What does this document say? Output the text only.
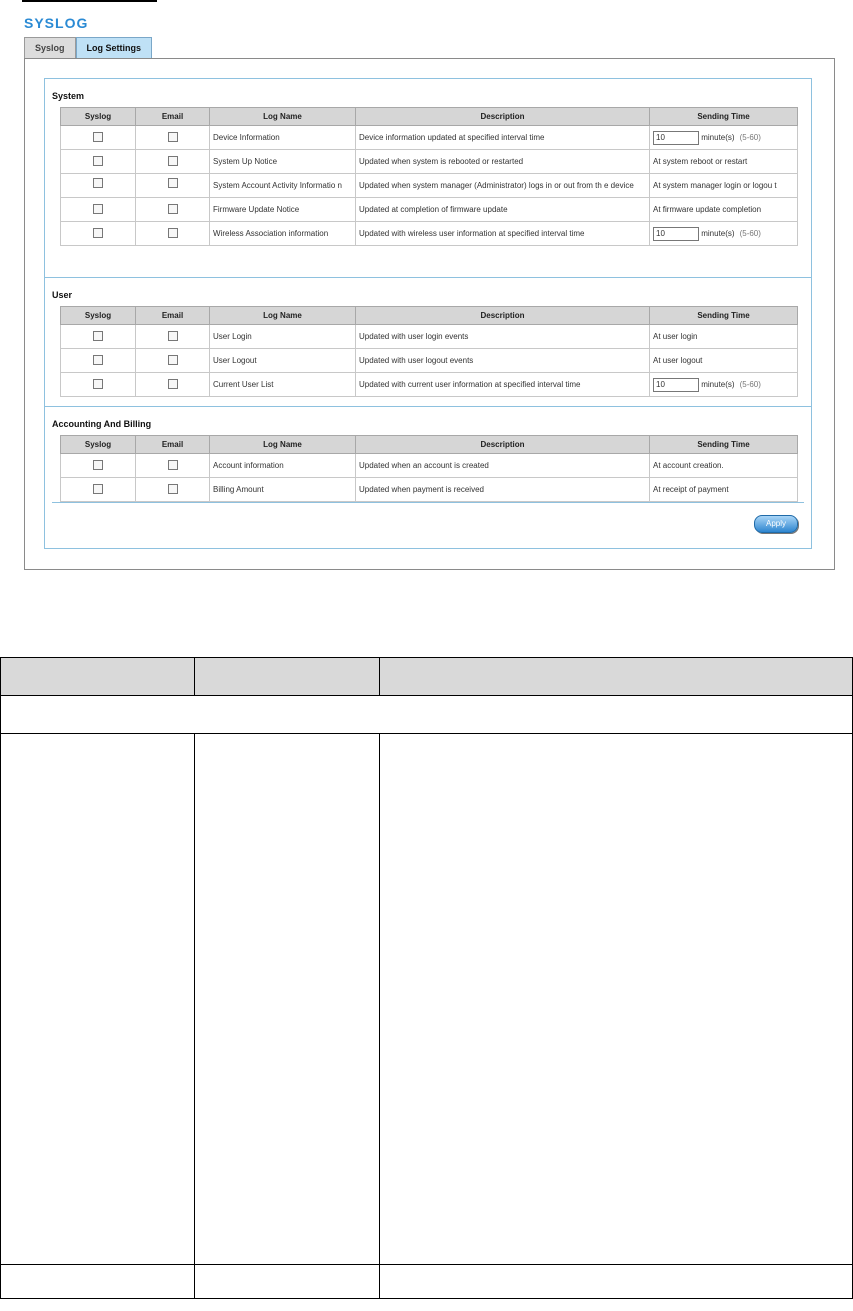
SYSLOG
Syslog	Log Settings
System
Syslog	Email	Log Name	Description	Sending Time
		Device Information	Device information updated at specified interval time	10 minute(s) (5-60)
		System Up Notice	Updated when system is rebooted or restarted	At system reboot or restart
		System Account Activity Informatio n	Updated when system manager (Administrator) logs in or out from th e device	At system manager login or logou t
		Firmware Update Notice	Updated at completion of firmware update	At firmware update completion
		Wireless Association information	Updated with wireless user information at specified interval time	10 minute(s) (5-60)
User
Syslog	Email	Log Name	Description	Sending Time
		User Login	Updated with user login events	At user login
		User Logout	Updated with user logout events	At user logout
		Current User List	Updated with current user information at specified interval time	10 minute(s) (5-60)
Accounting And Billing
Syslog	Email	Log Name	Description	Sending Time
		Account information	Updated when an account is created	At account creation.
		Billing Amount	Updated when payment is received	At receipt of payment
Apply
